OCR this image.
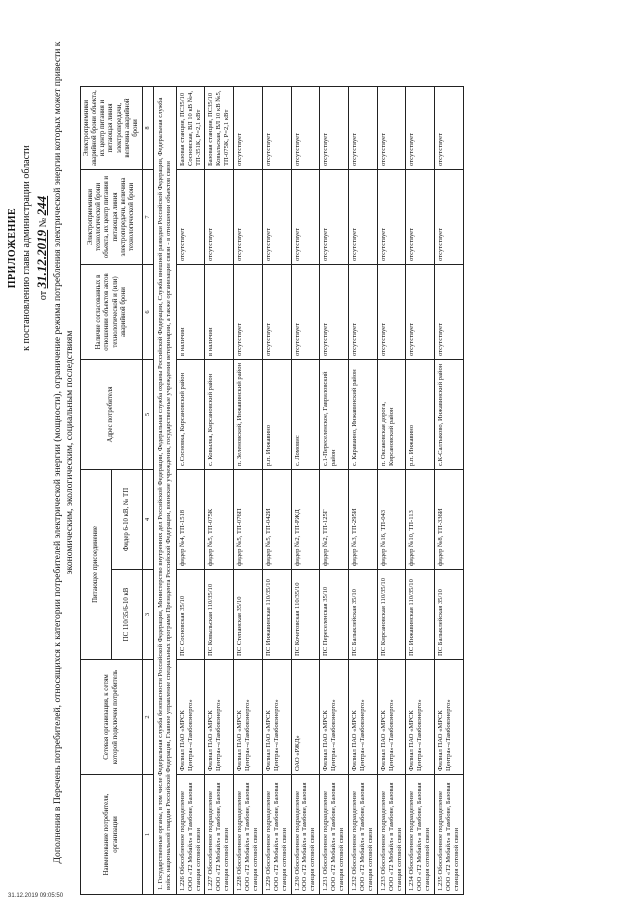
ПРИЛОЖЕНИЕ к постановлению главы администрации области от 31.12.2019 № 244 Дополнения в Перечень потребителей, относящихся к категории потребителей электрической энергии (мощности), ограничение режима потребления электрической энергии которых может привести к экономическим, экологическим, социальным последствиям
Наименование потребителя, организации	Сетевая организация, к сетям которой подключен потребитель	Питающее присоединение		Адрес потребителя	Наличие согласованных в отношении объектов актов технологической и (или) аварийной брони	Электроприемники технологической брони объекта, их центр питания и питающая линия электропередачи, величина технологической брони	Электроприемники аварийной брони объекта, их центр питания и питающая линия электропередачи, величина аварийной брони
		ПС 110/35/6-10 кВ	Фидер 6-10 кВ, № ТП				
1	2	3	4	5	6	7	8
1. Государственные органы, в том числе Федеральная служба безопасности Российской Федерации, Министерство внутренних дел Российской Федерации, Федеральная служба охраны Российской Федерации, Служба внешней разведки Российской Федерации, Федеральная служба войск национальной гвардии Российской Федерации, Главное управление специальных программ Президента Российской Федерации, воинские учреждения, государственные учреждения ветеринарии, а также организации связи - в отношении объектов связи							
1.226 Обособленное подразделение ООО «Т2 Мобайл» в Тамбове, Базовая станция сотовой связи	Филиал ПАО «МРСК Центра»-«Тамбовэнерго»	ПС Сосновская 35/10	фидер №4, ТП-1518	с.Сосновка, Кирсановский район	в наличии	отсутствует	Базовая станция, ПС35/10 Сосновская, ВЛ 10 кВ №4, ТП-351К, Р=2,1 кВт
1.227 Обособленное подразделение ООО «Т2 Мобайл» в Тамбове, Базовая станция сотовой связи	Филиал ПАО «МРСК Центра»-«Тамбовэнерго»	ПС Ковыльская 110/35/10	фидер №5, ТП-075К	с. Ковылка, Кирсановский район	в наличии	отсутствует	Базовая станция, ПС35/10 Ковыльская, ВЛ 10 кВ №5, ТП-075К, Р=2,1 кВт
1.228 Обособленное подразделение ООО «Т2 Мобайл» в Тамбове, Базовая станция сотовой связи	Филиал ПАО «МРСК Центра»-«Тамбовэнерго»	ПС Степанская 35/10	фидер №5, ТП-076П	п. Зеленовский, Инжавинский район	отсутствует	отсутствует	отсутствует
1.229 Обособленное подразделение ООО «Т2 Мобайл» в Тамбове, Базовая станция сотовой связи	Филиал ПАО «МРСК Центра»-«Тамбовэнерго»	ПС Инжавинская 110/35/10	фидер №5, ТП-042И	р.п. Инжавино	отсутствует	отсутствует	отсутствует
1.230 Обособленное подразделение ООО «Т2 Мобайл» в Тамбове, Базовая станция сотовой связи	ОАО «РЖД»	ПС Кочетовская 110/35/10	фидер №2, ТП-РЖД	с. Ломовис	отсутствует	отсутствует	отсутствует
1.231 Обособленное подразделение ООО «Т2 Мобайл» в Тамбове, Базовая станция сотовой связи	Филиал ПАО «МРСК Центра»-«Тамбовэнерго»	ПС Переселенская 35/10	фидер №2, ТП-125Г	с.1-Переселенское, Гавриловский район	отсутствует	отсутствует	отсутствует
1.232 Обособленное подразделение ООО «Т2 Мобайл» в Тамбове, Базовая станция сотовой связи	Филиал ПАО «МРСК Центра»-«Тамбовэнерго»	ПС Балыклейская 35/10	фидер №3, ТП-295И	с. Караваино, Инжавинский район	отсутствует	отсутствует	отсутствует
1.233 Обособленное подразделение ООО «Т2 Мобайл» в Тамбове, Базовая станция сотовой связи	Филиал ПАО «МРСК Центра»-«Тамбовэнерго»	ПС Кирсановская 110/35/10	фидер №16, ТП-043	п. Оксаковская дорога, Кирсановский район	отсутствует	отсутствует	отсутствует
1.234 Обособленное подразделение ООО «Т2 Мобайл» в Тамбове, Базовая станция сотовой связи	Филиал ПАО «МРСК Центра»-«Тамбовэнерго»	ПС Инжавинская 110/35/10	фидер №10, ТП-113	р.п. Инжавино	отсутствует	отсутствует	отсутствует
1.235 Обособленное подразделение ООО «Т2 Мобайл» в Тамбове, Базовая станция сотовой связи	Филиал ПАО «МРСК Центра»-«Тамбовэнерго»	ПС Балыклейская 35/10	фидер №8, ТП-336И	с.К-Салтыково, Инжавинский район	отсутствует	отсутствует	отсутствует
31.12.2019 09:05:50
